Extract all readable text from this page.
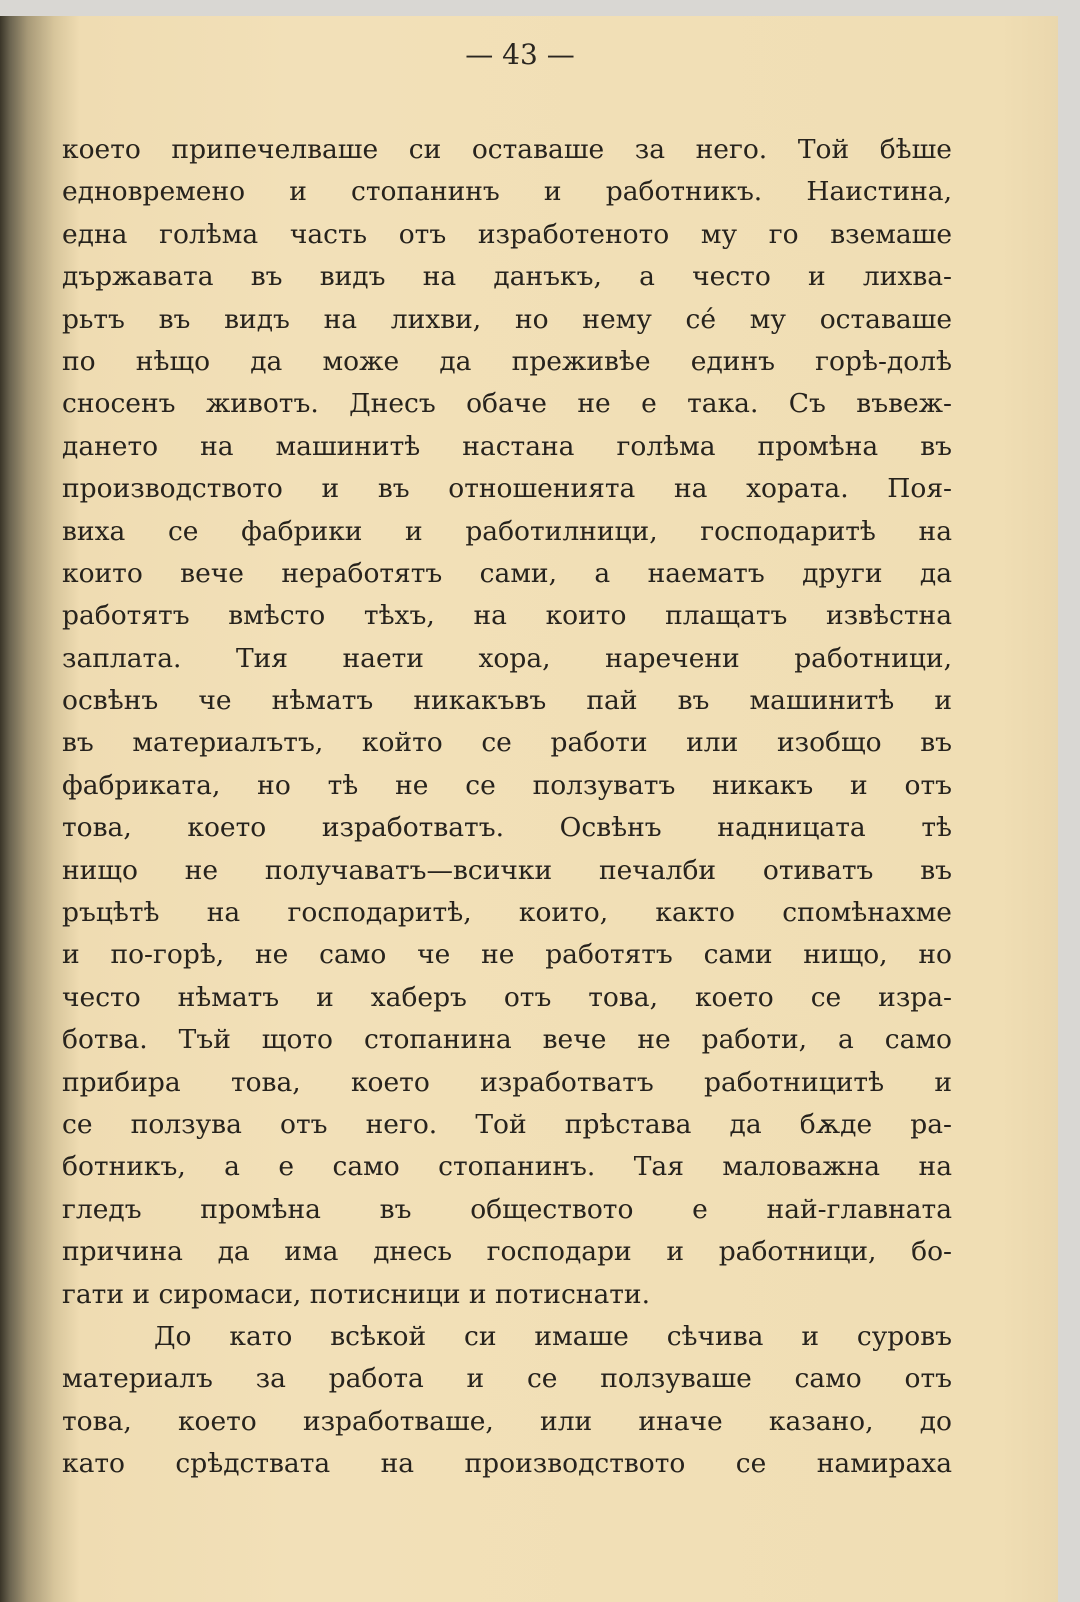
— 43 —
което припечелваше си оставаше за него. Той бѣше
едновремено и стопанинъ и работникъ. Наистина,
една голѣма часть отъ изработеното му го вземаше
държавата въ видъ на данъкъ, а често и лихва-
рьтъ въ видъ на лихви, но нему се́ му оставаше
по нѣщо да може да преживѣе единъ горѣ-долѣ
сносенъ животъ. Днесъ обаче не е така. Съ въвеж-
дането на машинитѣ настана голѣма промѣна въ
производството и въ отношенията на хората. Поя-
виха се фабрики и работилници, господаритѣ на
които вече неработятъ сами, а наематъ други да
работятъ вмѣсто тѣхъ, на които плащатъ извѣстна
заплата. Тия наети хора, наречени работници,
освѣнъ че нѣматъ никакъвъ пай въ машинитѣ и
въ материалътъ, който се работи или изобщо въ
фабриката, но тѣ не се ползуватъ никакъ и отъ
това, което изработватъ. Освѣнъ надницата тѣ
нищо не получаватъ—всички печалби отиватъ въ
ръцѣтѣ на господаритѣ, които, както спомѣнахме
и по-горѣ, не само че не работятъ сами нищо, но
често нѣматъ и хаберъ отъ това, което се изра-
ботва. Тъй щото стопанина вече не работи, а само
прибира това, което изработватъ работницитѣ и
се ползува отъ него. Той прѣстава да бѫде ра-
ботникъ, а е само стопанинъ. Тая маловажна на
гледъ промѣна въ обществото е най-главната
причина да има днесь господари и работници, бо-
гати и сиромаси, потисници и потиснати.
До като всѣкой си имаше сѣчива и суровъ
материалъ за работа и се ползуваше само отъ
това, което изработваше, или иначе казано, до
като срѣдствата на производството се намираха
